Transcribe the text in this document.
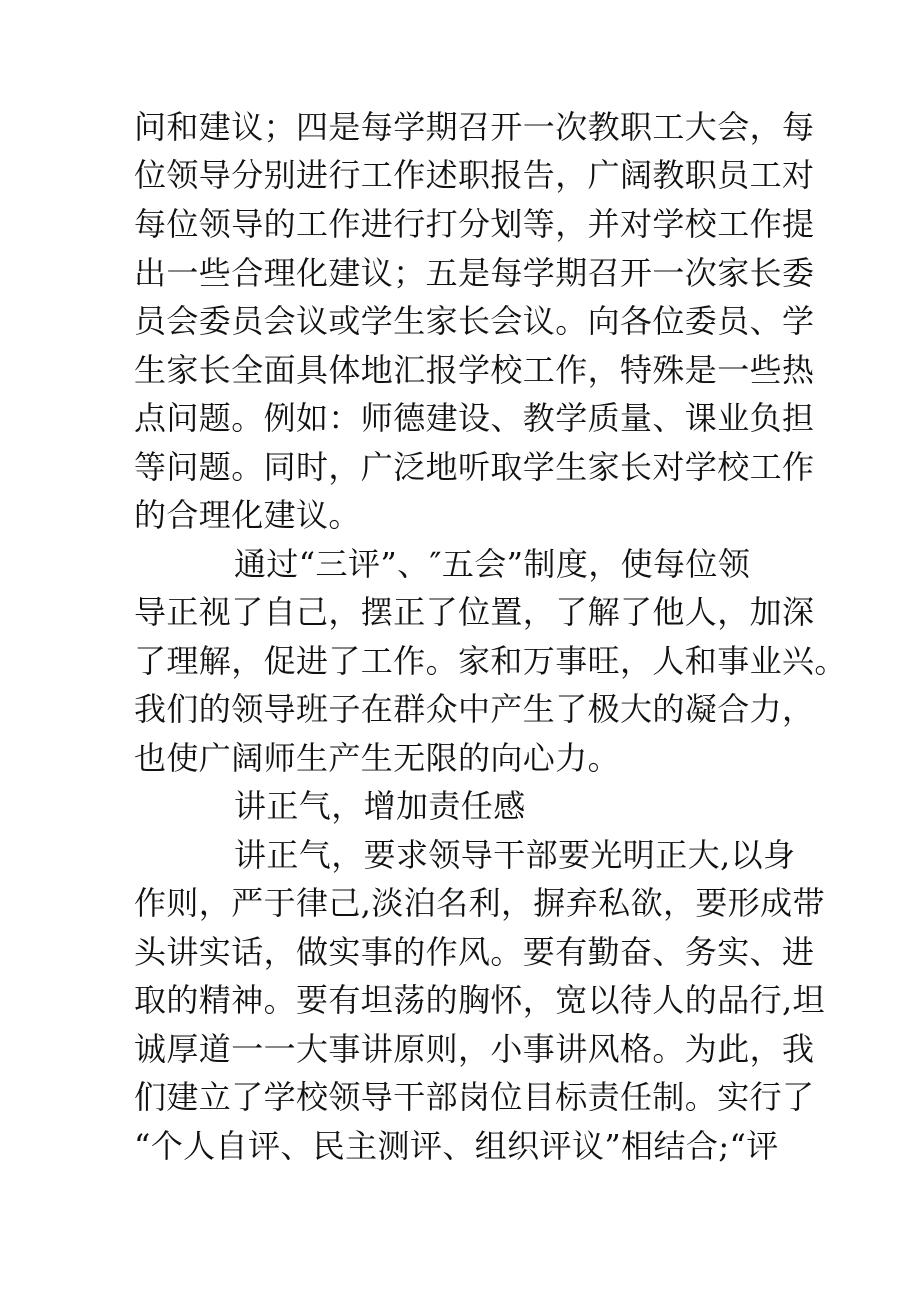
问和建议；四是每学期召开一次教职工大会，每
位领导分别进行工作述职报告，广阔教职员工对
每位领导的工作进行打分划等，并对学校工作提
出一些合理化建议；五是每学期召开一次家长委
员会委员会议或学生家长会议。向各位委员、学
生家长全面具体地汇报学校工作，特殊是一些热
点问题。例如：师德建设、教学质量、课业负担
等问题。同时，广泛地听取学生家长对学校工作
的合理化建议。
通过“三评”、″五会”制度，使每位领
导正视了自己，摆正了位置，了解了他人，加深
了理解，促进了工作。家和万事旺，人和事业兴。
我们的领导班子在群众中产生了极大的凝合力，
也使广阔师生产生无限的向心力。
讲正气，增加责任感
讲正气，要求领导干部要光明正大,以身
作则，严于律己,淡泊名利，摒弃私欲，要形成带
头讲实话，做实事的作风。要有勤奋、务实、进
取的精神。要有坦荡的胸怀，宽以待人的品行,坦
诚厚道一一大事讲原则，小事讲风格。为此，我
们建立了学校领导干部岗位目标责任制。实行了
“个人自评、民主测评、组织评议”相结合;“评
